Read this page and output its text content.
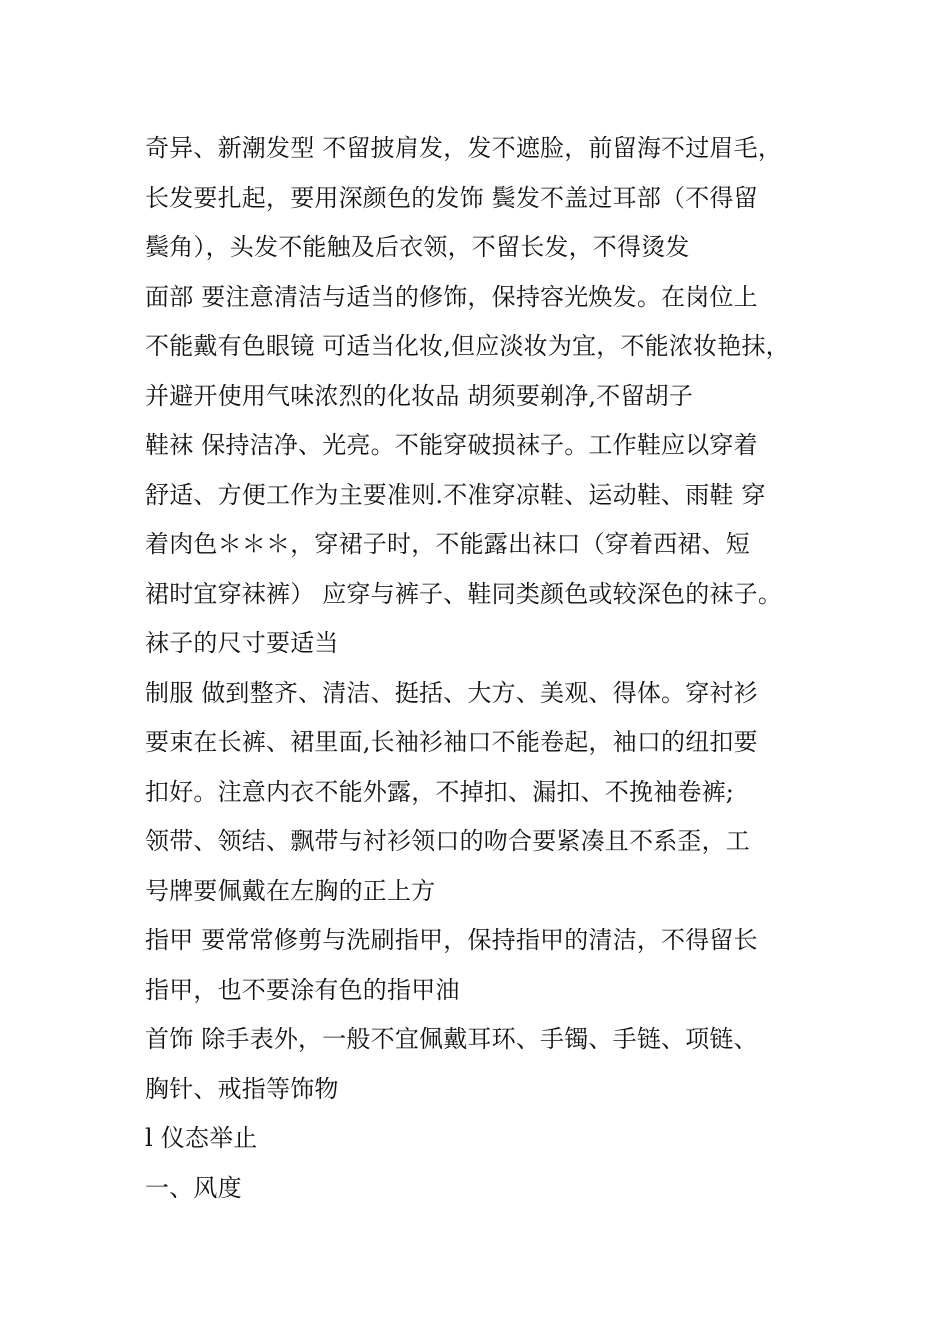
奇异、新潮发型 不留披肩发，发不遮脸，前留海不过眉毛，
长发要扎起，要用深颜色的发饰 鬓发不盖过耳部（不得留
鬓角），头发不能触及后衣领，不留长发，不得烫发
面部 要注意清洁与适当的修饰，保持容光焕发。在岗位上
不能戴有色眼镜 可适当化妆,但应淡妆为宜，不能浓妆艳抹，
并避开使用气味浓烈的化妆品 胡须要剃净,不留胡子
鞋袜 保持洁净、光亮。不能穿破损袜子。工作鞋应以穿着
舒适、方便工作为主要准则.不准穿凉鞋、运动鞋、雨鞋 穿
着肉色＊＊＊，穿裙子时，不能露出袜口（穿着西裙、短
裙时宜穿袜裤） 应穿与裤子、鞋同类颜色或较深色的袜子。
袜子的尺寸要适当
制服 做到整齐、清洁、挺括、大方、美观、得体。穿衬衫
要束在长裤、裙里面,长袖衫袖口不能卷起，袖口的纽扣要
扣好。注意内衣不能外露，不掉扣、漏扣、不挽袖卷裤;
领带、领结、飘带与衬衫领口的吻合要紧凑且不系歪，工
号牌要佩戴在左胸的正上方
指甲 要常常修剪与洗刷指甲，保持指甲的清洁，不得留长
指甲，也不要涂有色的指甲油
首饰 除手表外，一般不宜佩戴耳环、手镯、手链、项链、
胸针、戒指等饰物
l 仪态举止
一、风度
